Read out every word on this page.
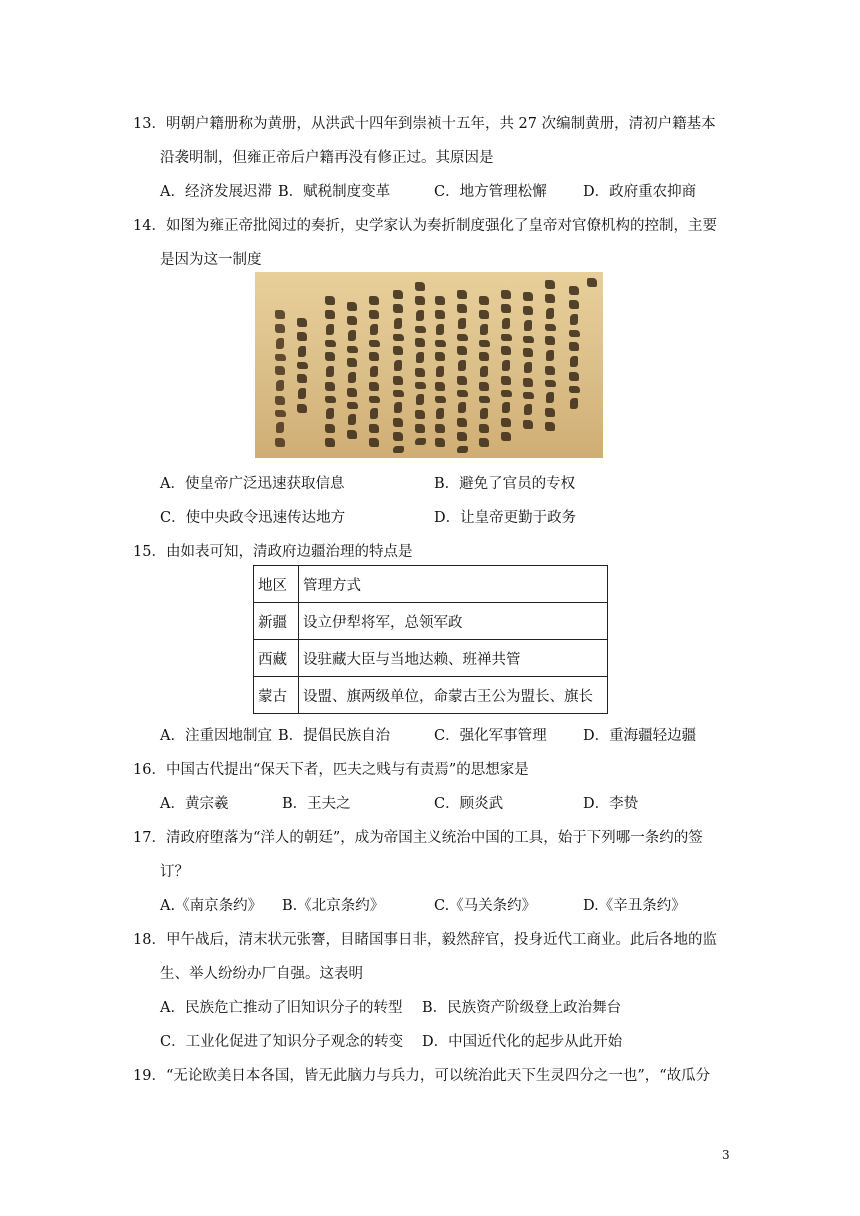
13．明朝户籍册称为黄册，从洪武十四年到崇祯十五年，共 27 次编制黄册，清初户籍基本
沿袭明制，但雍正帝后户籍再没有修正过。其原因是
A．经济发展迟滞 B．赋税制度变革	C．地方管理松懈	D．政府重农抑商
14．如图为雍正帝批阅过的奏折，史学家认为奏折制度强化了皇帝对官僚机构的控制，主要
是因为这一制度
A．使皇帝广泛迅速获取信息	B．避免了官员的专权
C．使中央政令迅速传达地方	D．让皇帝更勤于政务
15．由如表可知，清政府边疆治理的特点是
地区	管理方式
新疆	设立伊犁将军，总领军政
西藏	设驻藏大臣与当地达赖、班禅共管
蒙古	设盟、旗两级单位，命蒙古王公为盟长、旗长
A．注重因地制宜 B．提倡民族自治	C．强化军事管理	D．重海疆轻边疆
16．中国古代提出“保天下者，匹夫之贱与有责焉”的思想家是
A．黄宗羲	B．王夫之	C．顾炎武	D．李贽
17．清政府堕落为“洋人的朝廷”，成为帝国主义统治中国的工具，始于下列哪一条约的签
订？
A.《南京条约》 B.《北京条约》	C.《马关条约》	D.《辛丑条约》
18．甲午战后，清末状元张謇，目睹国事日非，毅然辞官，投身近代工商业。此后各地的监
生、举人纷纷办厂自强。这表明
A．民族危亡推动了旧知识分子的转型 B．民族资产阶级登上政治舞台
C．工业化促进了知识分子观念的转变 D．中国近代化的起步从此开始
19．“无论欧美日本各国，皆无此脑力与兵力，可以统治此天下生灵四分之一也”，“故瓜分
3
